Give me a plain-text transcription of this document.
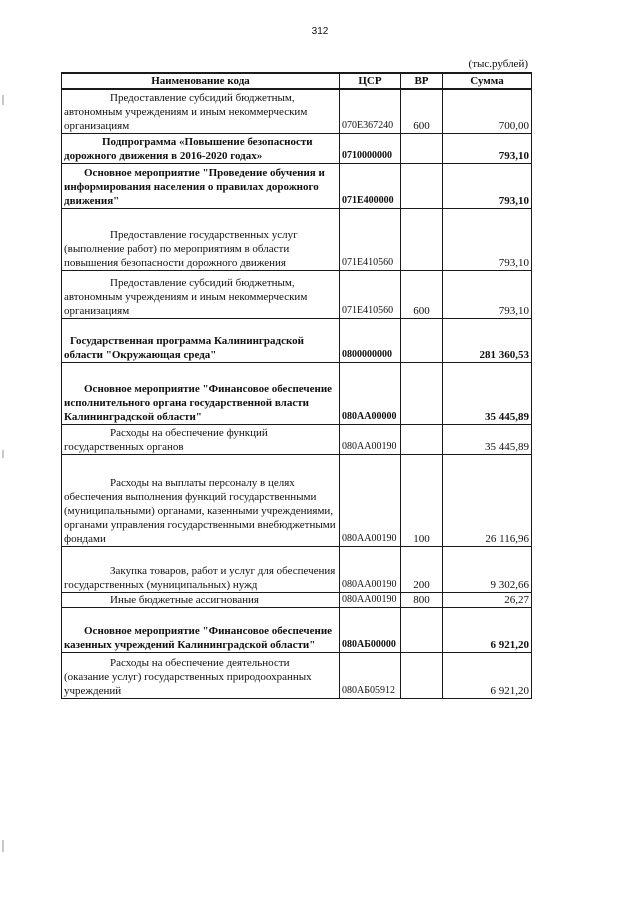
312
(тыс.рублей)
Наименование кода	ЦСР	ВР	Сумма

Предоставление субсидий бюджетным, автономным учреждениям и иным некоммерческим организациям	070Е367240	600	700,00

Подпрограмма «Повышение безопасности дорожного движения в 2016-2020 годах»	0710000000		793,10

Основное мероприятие "Проведение обучения и информирования населения о правилах дорожного движения"	071Е400000		793,10

Предоставление государственных услуг (выполнение работ) по мероприятиям в области повышения безопасности дорожного движения	071Е410560		793,10

Предоставление субсидий бюджетным, автономным учреждениям и иным некоммерческим организациям	071Е410560	600	793,10

Государственная программа Калининградской области "Окружающая среда"	0800000000		281 360,53

Основное мероприятие "Финансовое обеспечение исполнительного органа государственной власти Калининградской области"	080АА00000		35 445,89

Расходы на обеспечение функций государственных органов	080АА00190		35 445,89

Расходы на выплаты персоналу в целях обеспечения выполнения функций государственными (муниципальными) органами, казенными учреждениями, органами управления государственными внебюджетными фондами	080АА00190	100	26 116,96

Закупка товаров, работ и услуг для обеспечения государственных (муниципальных) нужд	080АА00190	200	9 302,66

Иные бюджетные ассигнования	080АА00190	800	26,27

Основное мероприятие "Финансовое обеспечение казенных учреждений Калининградской области"	080АБ00000		6 921,20

Расходы на обеспечение деятельности (оказание услуг) государственных природоохранных учреждений	080АБ05912		6 921,20
